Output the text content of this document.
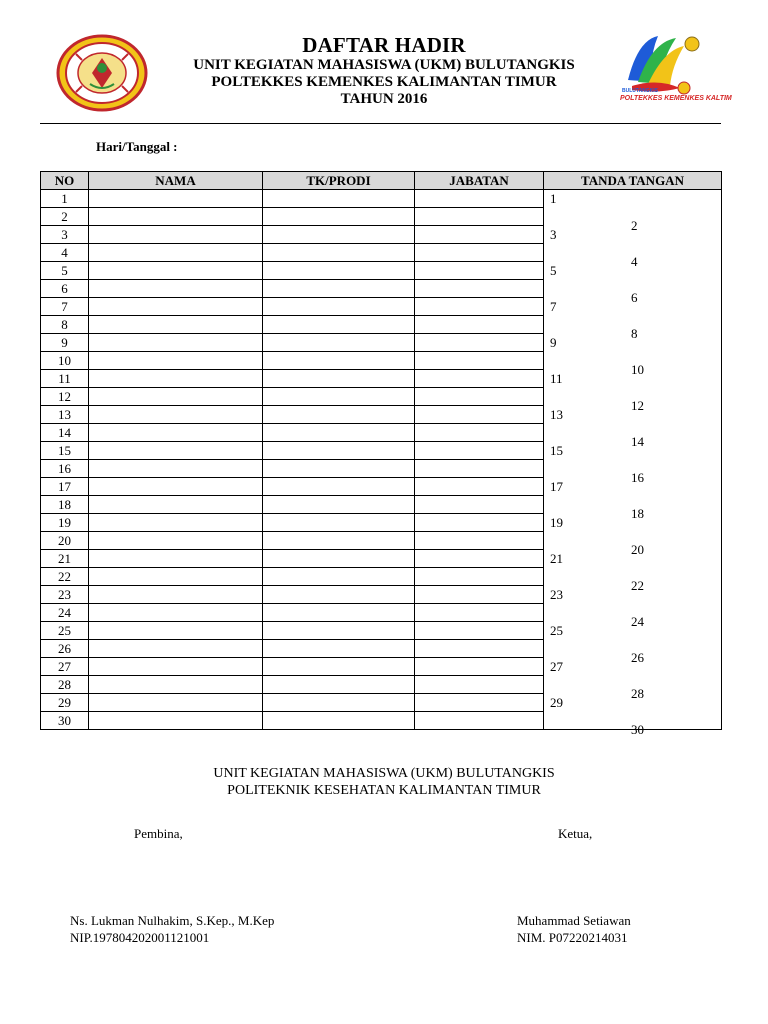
DAFTAR HADIR
UNIT KEGIATAN MAHASISWA (UKM) BULUTANGKIS
POLTEKKES KEMENKES KALIMANTAN TIMUR
TAHUN 2016	BULUTANGKIS
POLTEKKES KEMENKES KALTIM
Hari/Tanggal :
NO	NAMA	TK/PRODI	JABATAN	TANDA TANGAN
1				1

2				2

3				3

4				4

5				5

6				6

7				7

8				8

9				9

10				10

11				11

12				12

13				13

14				14

15				15

16				16

17				17

18				18

19				19

20				20

21				21

22				22

23				23

24				24

25				25

26				26

27				27

28				28

29				29

30				30
UNIT KEGIATAN MAHASISWA (UKM) BULUTANGKIS
POLITEKNIK KESEHATAN KALIMANTAN TIMUR
Pembina,	Ketua,
Ns. Lukman Nulhakim, S.Kep., M.Kep
NIP.197804202001121001
Muhammad Setiawan
NIM. P07220214031
